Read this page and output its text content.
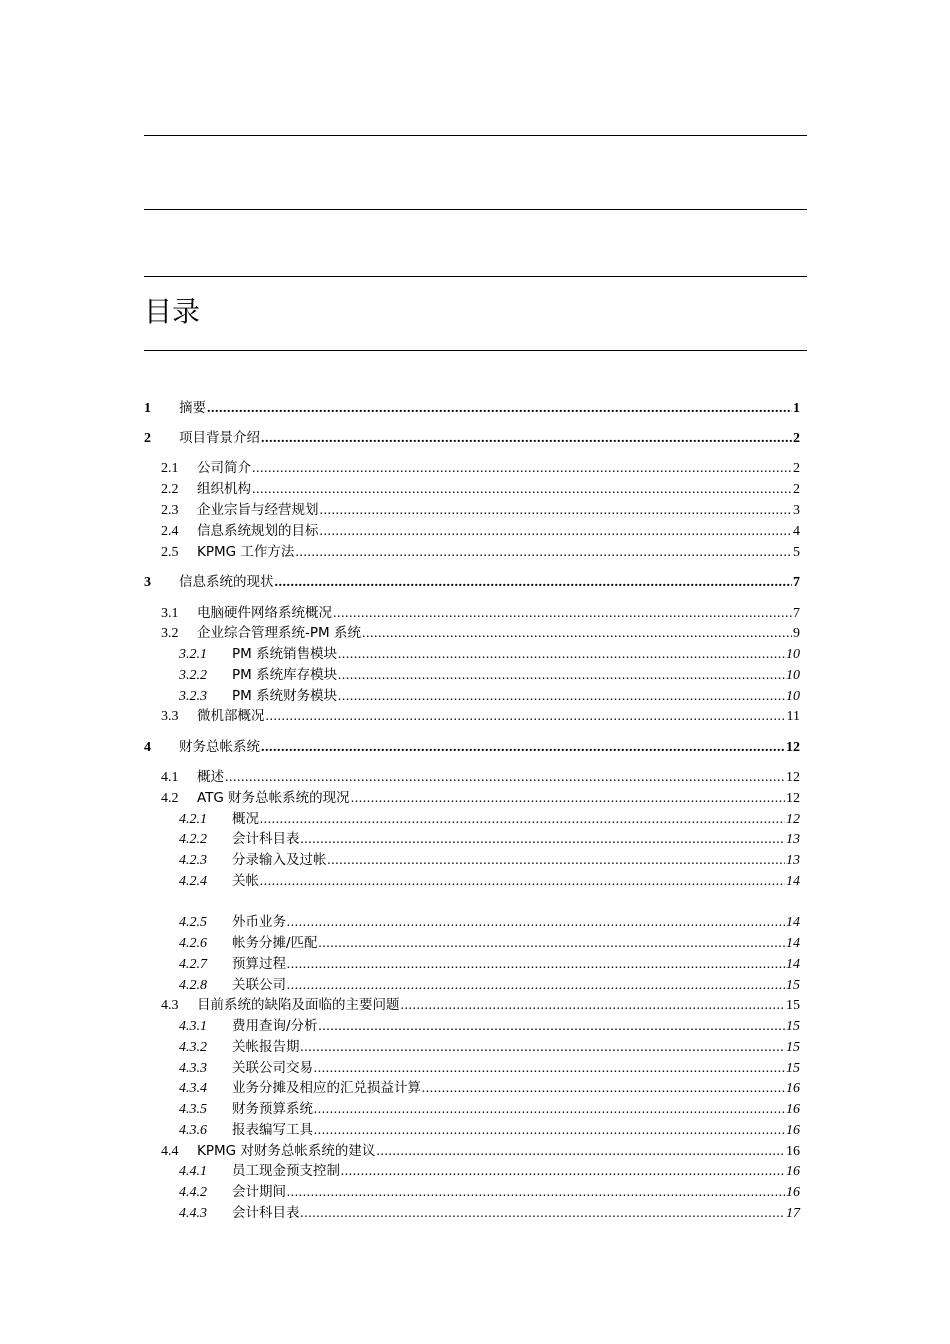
目录
1	摘要 .....	1
2	项目背景介绍 .....	2
2.1	公司简介 .....	2
2.2	组织机构 .....	2
2.3	企业宗旨与经营规划 .....	3
2.4	信息系统规划的目标 .....	4
2.5	KPMG 工作方法 .....	5
3	信息系统的现状 .....	7
3.1	电脑硬件网络系统概况 .....	7
3.2	企业综合管理系统-PM 系统 .....	9
3.2.1	PM 系统销售模块 .....	10
3.2.2	PM 系统库存模块 .....	10
3.2.3	PM 系统财务模块 .....	10
3.3	微机部概况 .....	11
4	财务总帐系统 .....	12
4.1	概述 .....	12
4.2	ATG 财务总帐系统的现况 .....	12
4.2.1	概况 .....	12
4.2.2	会计科目表 .....	13
4.2.3	分录输入及过帐 .....	13
4.2.4	关帐 .....	14
4.2.5	外币业务 .....	14
4.2.6	帐务分摊/匹配 .....	14
4.2.7	预算过程 .....	14
4.2.8	关联公司 .....	15
4.3	目前系统的缺陷及面临的主要问题 .....	15
4.3.1	费用查询/分析 .....	15
4.3.2	关帐报告期 .....	15
4.3.3	关联公司交易 .....	15
4.3.4	业务分摊及相应的汇兑损益计算 .....	16
4.3.5	财务预算系统 .....	16
4.3.6	报表编写工具 .....	16
4.4	KPMG 对财务总帐系统的建议 .....	16
4.4.1	员工现金预支控制 .....	16
4.4.2	会计期间 .....	16
4.4.3	会计科目表 .....	17
